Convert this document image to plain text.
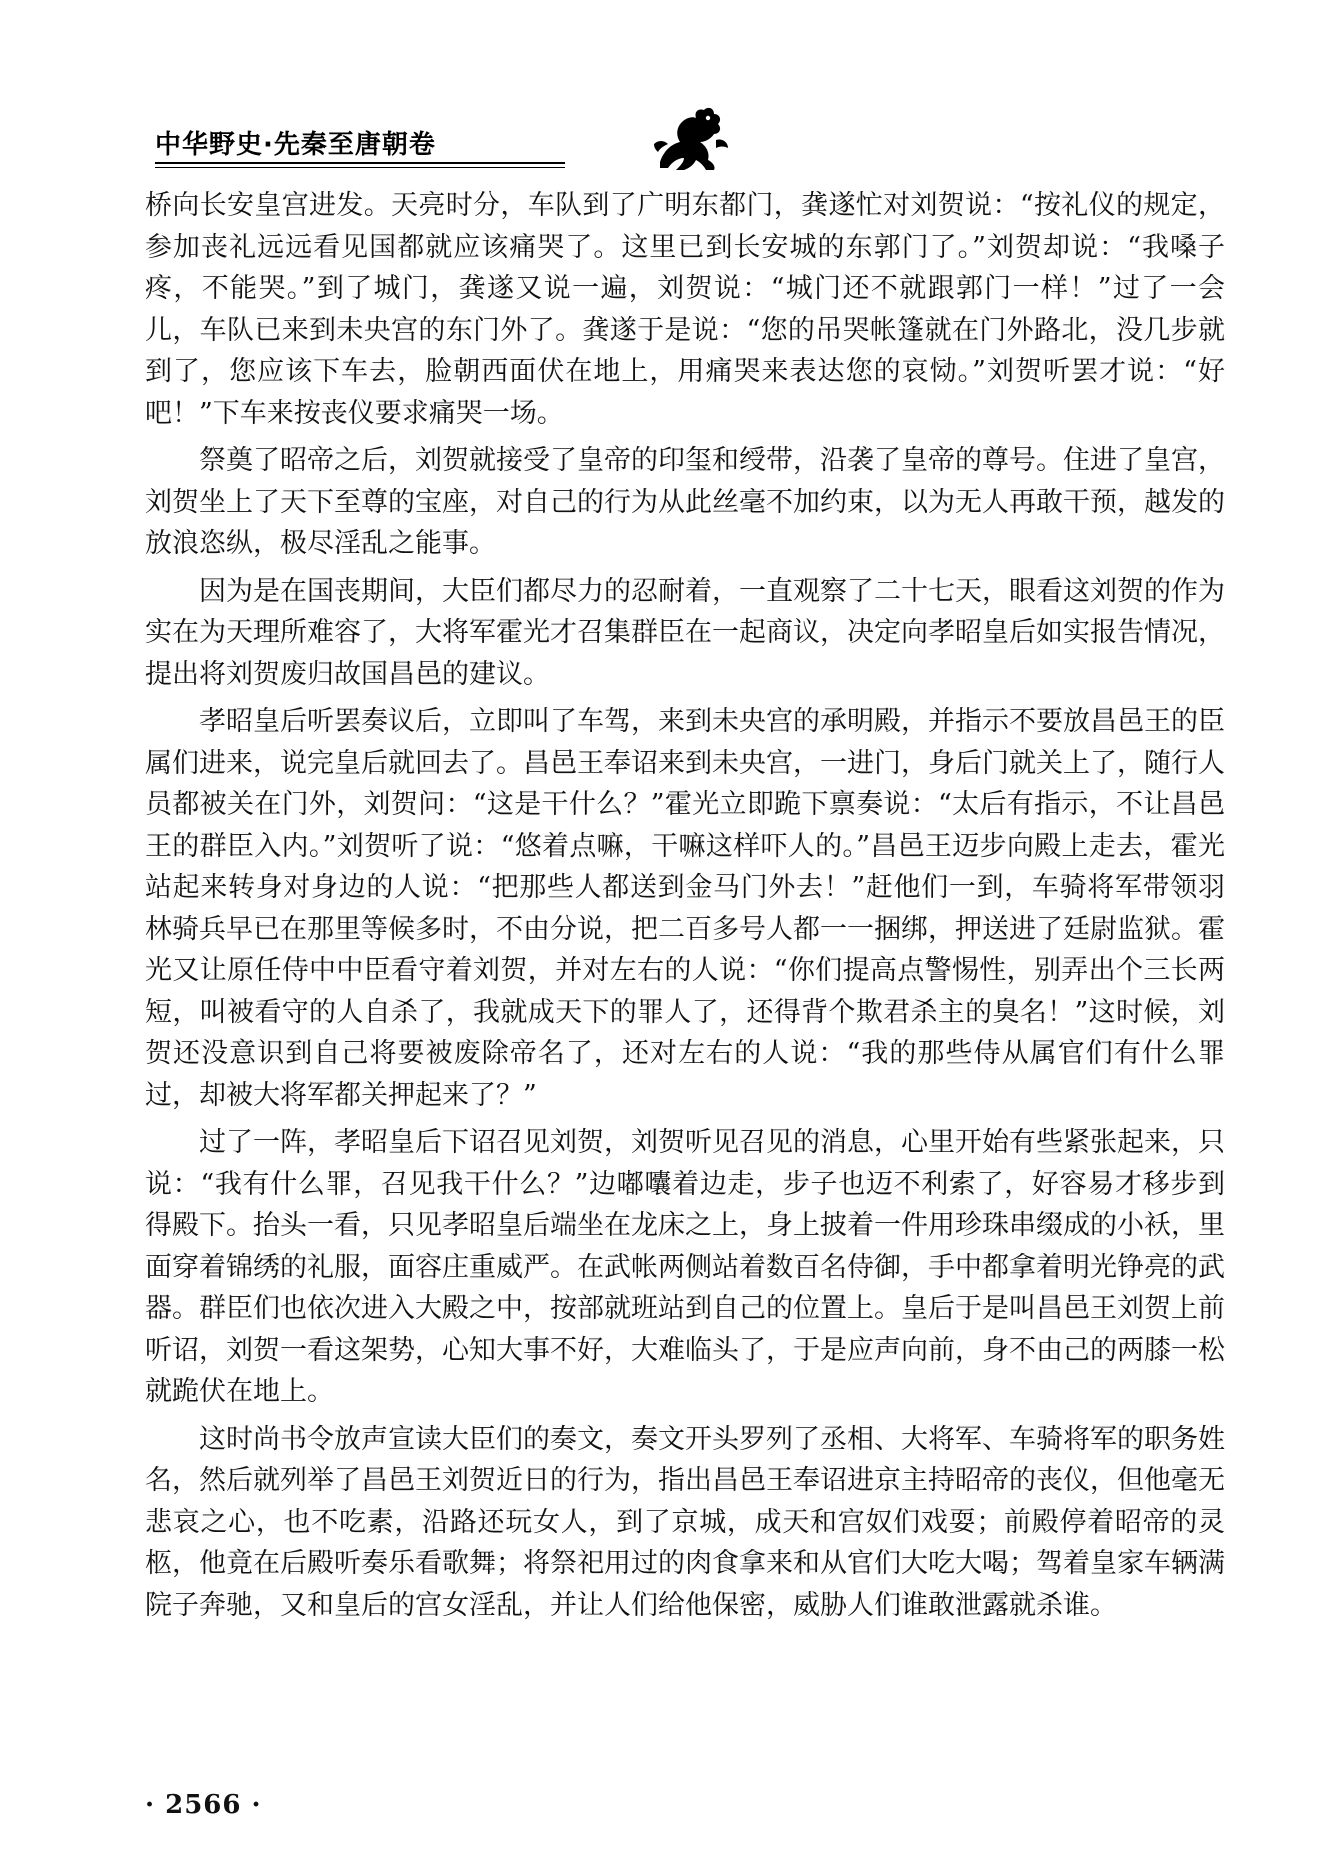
中华野史·先秦至唐朝卷

桥向长安皇宫进发。天亮时分，车队到了广明东都门，龚遂忙对刘贺说：“按礼仪的规定，参加丧礼远远看见国都就应该痛哭了。这里已到长安城的东郭门了。”刘贺却说：“我嗓子疼，不能哭。”到了城门，龚遂又说一遍，刘贺说：“城门还不就跟郭门一样！”过了一会儿，车队已来到未央宫的东门外了。龚遂于是说：“您的吊哭帐篷就在门外路北，没几步就到了，您应该下车去，脸朝西面伏在地上，用痛哭来表达您的哀恸。”刘贺听罢才说：“好吧！”下车来按丧仪要求痛哭一场。

祭奠了昭帝之后，刘贺就接受了皇帝的印玺和绶带，沿袭了皇帝的尊号。住进了皇宫，刘贺坐上了天下至尊的宝座，对自己的行为从此丝毫不加约束，以为无人再敢干预，越发的放浪恣纵，极尽淫乱之能事。

因为是在国丧期间，大臣们都尽力的忍耐着，一直观察了二十七天，眼看这刘贺的作为实在为天理所难容了，大将军霍光才召集群臣在一起商议，决定向孝昭皇后如实报告情况，提出将刘贺废归故国昌邑的建议。

孝昭皇后听罢奏议后，立即叫了车驾，来到未央宫的承明殿，并指示不要放昌邑王的臣属们进来，说完皇后就回去了。昌邑王奉诏来到未央宫，一进门，身后门就关上了，随行人员都被关在门外，刘贺问：“这是干什么？”霍光立即跪下禀奏说：“太后有指示，不让昌邑王的群臣入内。”刘贺听了说：“悠着点嘛，干嘛这样吓人的。”昌邑王迈步向殿上走去，霍光站起来转身对身边的人说：“把那些人都送到金马门外去！”赶他们一到，车骑将军带领羽林骑兵早已在那里等候多时，不由分说，把二百多号人都一一捆绑，押送进了廷尉监狱。霍光又让原任侍中中臣看守着刘贺，并对左右的人说：“你们提高点警惕性，别弄出个三长两短，叫被看守的人自杀了，我就成天下的罪人了，还得背个欺君杀主的臭名！”这时候，刘贺还没意识到自己将要被废除帝名了，还对左右的人说：“我的那些侍从属官们有什么罪过，却被大将军都关押起来了？”

过了一阵，孝昭皇后下诏召见刘贺，刘贺听见召见的消息，心里开始有些紧张起来，只说：“我有什么罪，召见我干什么？”边嘟囔着边走，步子也迈不利索了，好容易才移步到得殿下。抬头一看，只见孝昭皇后端坐在龙床之上，身上披着一件用珍珠串缀成的小袄，里面穿着锦绣的礼服，面容庄重威严。在武帐两侧站着数百名侍御，手中都拿着明光铮亮的武器。群臣们也依次进入大殿之中，按部就班站到自己的位置上。皇后于是叫昌邑王刘贺上前听诏，刘贺一看这架势，心知大事不好，大难临头了，于是应声向前，身不由己的两膝一松就跪伏在地上。

这时尚书令放声宣读大臣们的奏文，奏文开头罗列了丞相、大将军、车骑将军的职务姓名，然后就列举了昌邑王刘贺近日的行为，指出昌邑王奉诏进京主持昭帝的丧仪，但他毫无悲哀之心，也不吃素，沿路还玩女人，到了京城，成天和宫奴们戏耍；前殿停着昭帝的灵柩，他竟在后殿听奏乐看歌舞；将祭祀用过的肉食拿来和从官们大吃大喝；驾着皇家车辆满院子奔驰，又和皇后的宫女淫乱，并让人们给他保密，威胁人们谁敢泄露就杀谁。

· 2566 ·
